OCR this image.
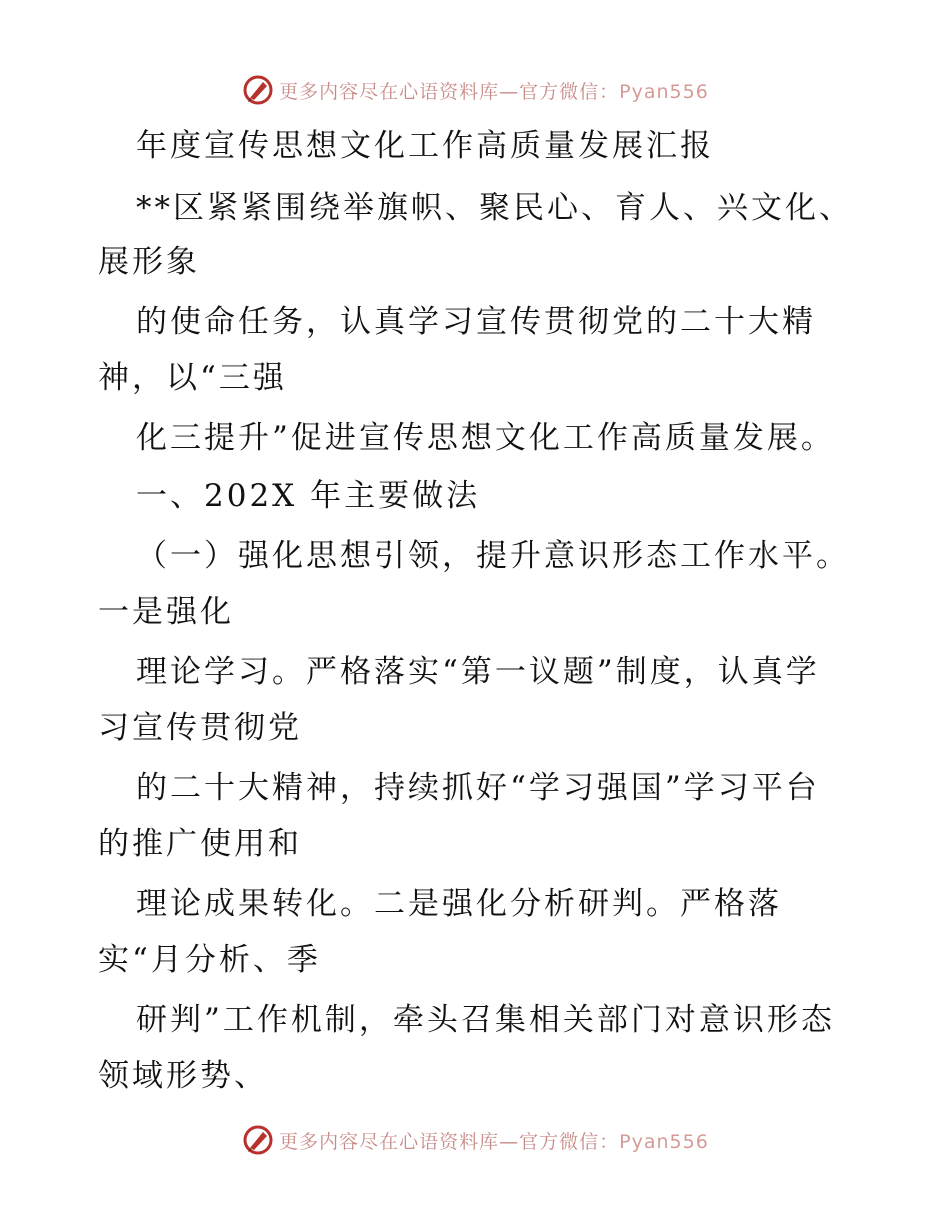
更多内容尽在心语资料库—官方微信：Pyan556
年度宣传思想文化工作高质量发展汇报
**区紧紧围绕举旗帜、聚民心、育人、兴文化、
展形象
的使命任务，认真学习宣传贯彻党的二十大精
神，以“三强
化三提升”促进宣传思想文化工作高质量发展。
一、202X 年主要做法
（一）强化思想引领，提升意识形态工作水平。
一是强化
理论学习。严格落实“第一议题”制度，认真学
习宣传贯彻党
的二十大精神，持续抓好“学习强国”学习平台
的推广使用和
理论成果转化。二是强化分析研判。严格落
实“月分析、季
研判”工作机制，牵头召集相关部门对意识形态
领域形势、
更多内容尽在心语资料库—官方微信：Pyan556
